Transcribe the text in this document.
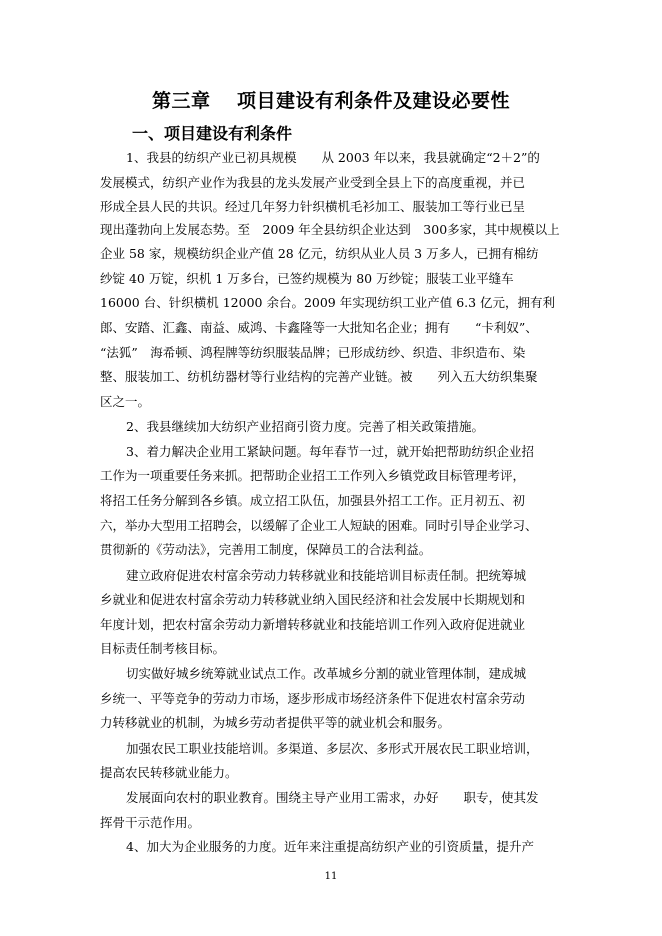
第三章　 项目建设有利条件及建设必要性
一、项目建设有利条件
1、我县的纺织产业已初具规模　　从 2003 年以来，我县就确定“2＋2”的
发展模式，纺织产业作为我县的龙头发展产业受到全县上下的高度重视，并已
形成全县人民的共识。经过几年努力针织横机毛衫加工、服装加工等行业已呈
现出蓬勃向上发展态势。至　2009 年全县纺织企业达到　300多家，其中规模以上
企业 58 家，规模纺织企业产值 28 亿元，纺织从业人员 3 万多人，已拥有棉纺
纱锭 40 万锭，织机 1 万多台，已签约规模为 80 万纱锭；服装工业平缝车
16000 台、针织横机 12000 余台。2009 年实现纺织工业产值 6.3 亿元，拥有利
郎、安踏、汇鑫、南益、威鸿、卡鑫隆等一大批知名企业；拥有　　“卡利奴”、
“法狐”　海希顿、鸿程牌等纺织服装品牌；已形成纺纱、织造、非织造布、染
整、服装加工、纺机纺器材等行业结构的完善产业链。被　　列入五大纺织集聚
区之一。
2、我县继续加大纺织产业招商引资力度。完善了相关政策措施。
3、着力解决企业用工紧缺问题。每年春节一过，就开始把帮助纺织企业招
工作为一项重要任务来抓。把帮助企业招工工作列入乡镇党政目标管理考评，
将招工任务分解到各乡镇。成立招工队伍，加强县外招工工作。正月初五、初
六，举办大型用工招聘会，以缓解了企业工人短缺的困难。同时引导企业学习、
贯彻新的《劳动法》，完善用工制度，保障员工的合法利益。
建立政府促进农村富余劳动力转移就业和技能培训目标责任制。把统筹城
乡就业和促进农村富余劳动力转移就业纳入国民经济和社会发展中长期规划和
年度计划，把农村富余劳动力新增转移就业和技能培训工作列入政府促进就业
目标责任制考核目标。
切实做好城乡统筹就业试点工作。改革城乡分割的就业管理体制，建成城
乡统一、平等竞争的劳动力市场，逐步形成市场经济条件下促进农村富余劳动
力转移就业的机制，为城乡劳动者提供平等的就业机会和服务。
加强农民工职业技能培训。多渠道、多层次、多形式开展农民工职业培训，
提高农民转移就业能力。
发展面向农村的职业教育。围绕主导产业用工需求，办好　　职专，使其发
挥骨干示范作用。
4、加大为企业服务的力度。近年来注重提高纺织产业的引资质量，提升产
11
